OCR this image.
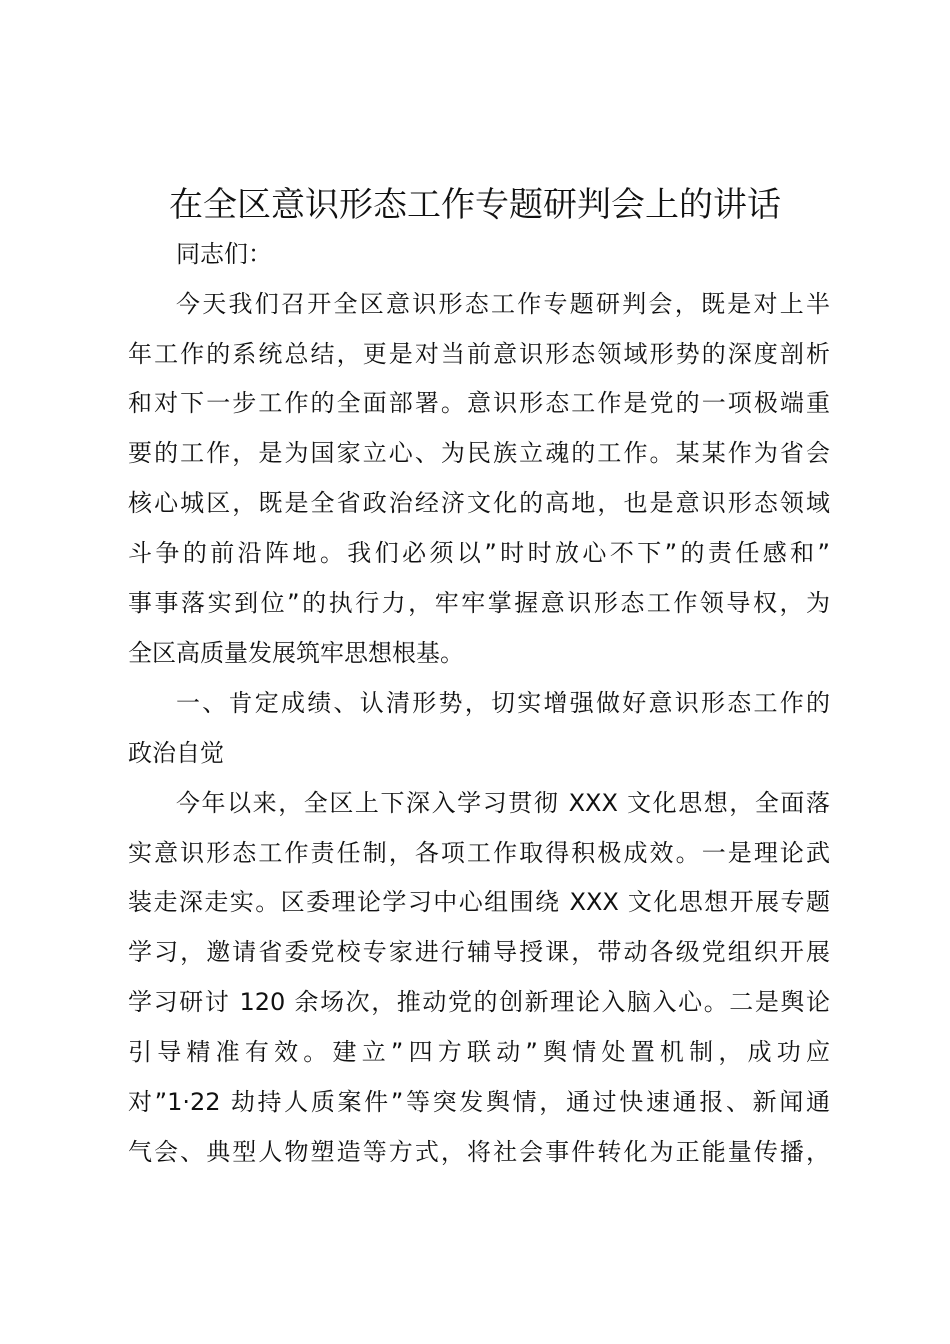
在全区意识形态工作专题研判会上的讲话

同志们：

今天我们召开全区意识形态工作专题研判会，既是对上半

年工作的系统总结，更是对当前意识形态领域形势的深度剖析

和对下一步工作的全面部署。意识形态工作是党的一项极端重

要的工作，是为国家立心、为民族立魂的工作。某某作为省会

核心城区，既是全省政治经济文化的高地，也是意识形态领域

斗争的前沿阵地。我们必须以”时时放心不下”的责任感和”

事事落实到位”的执行力，牢牢掌握意识形态工作领导权，为

全区高质量发展筑牢思想根基。

一、肯定成绩、认清形势，切实增强做好意识形态工作的

政治自觉

今年以来，全区上下深入学习贯彻 XXX 文化思想，全面落

实意识形态工作责任制，各项工作取得积极成效。一是理论武

装走深走实。区委理论学习中心组围绕 XXX 文化思想开展专题

学习，邀请省委党校专家进行辅导授课，带动各级党组织开展

学习研讨 120 余场次，推动党的创新理论入脑入心。二是舆论

引导精准有效。建立”四方联动”舆情处置机制，成功应

对”1·22 劫持人质案件”等突发舆情，通过快速通报、新闻通

气会、典型人物塑造等方式，将社会事件转化为正能量传播，
